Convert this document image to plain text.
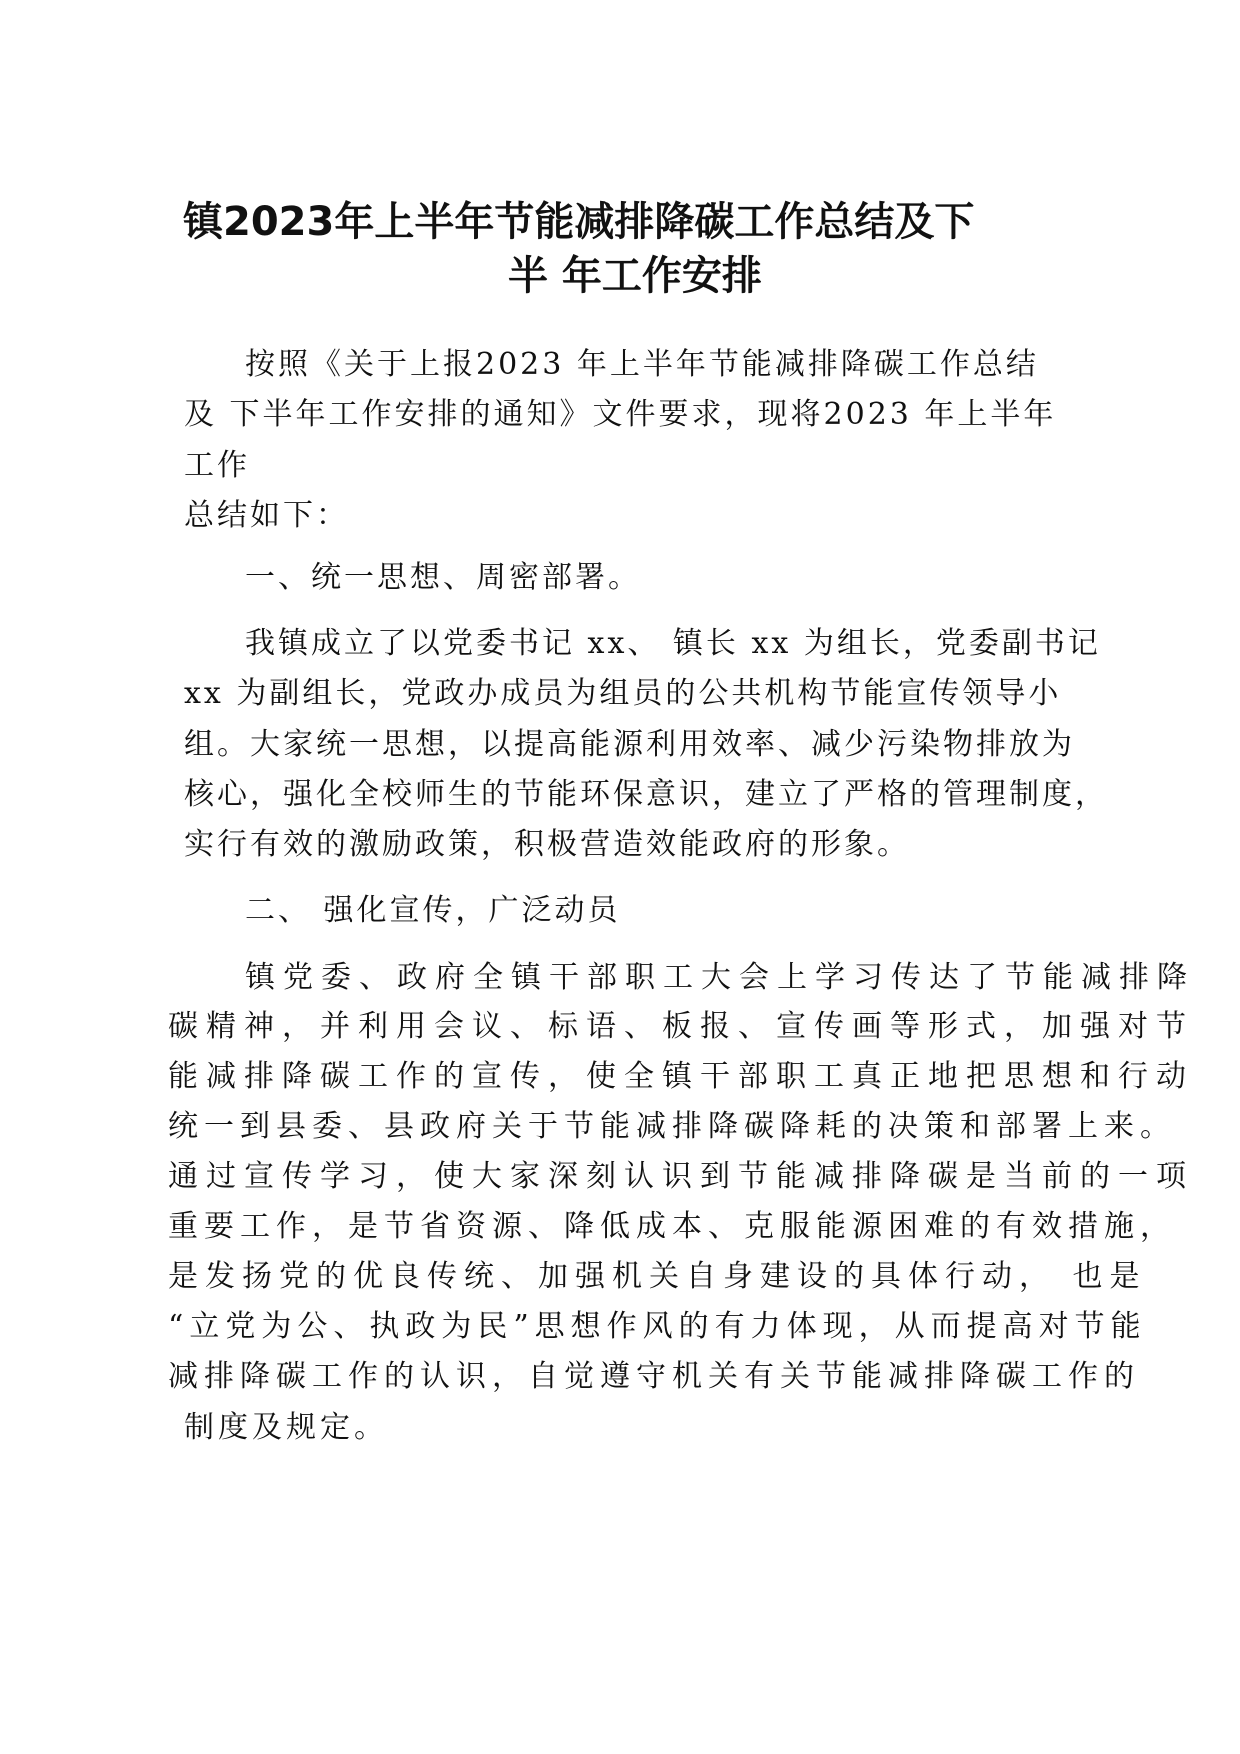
镇2023年上半年节能减排降碳工作总结及下
半 年工作安排
按照《关于上报2023 年上半年节能减排降碳工作总结
及 下半年工作安排的通知》文件要求，现将2023 年上半年
工作
总结如下：
一、统一思想、周密部署。
我镇成立了以党委书记 xx、 镇长 xx 为组长，党委副书记
xx 为副组长，党政办成员为组员的公共机构节能宣传领导小
组。大家统一思想，以提高能源利用效率、减少污染物排放为
核心，强化全校师生的节能环保意识，建立了严格的管理制度，
实行有效的激励政策，积极营造效能政府的形象。
二、 强化宣传，广泛动员
镇党委、政府全镇干部职工大会上学习传达了节能减排降
碳精神，并利用会议、标语、板报、宣传画等形式，加强对节
能减排降碳工作的宣传，使全镇干部职工真正地把思想和行动
统一到县委、县政府关于节能减排降碳降耗的决策和部署上来。
通过宣传学习，使大家深刻认识到节能减排降碳是当前的一项
重要工作，是节省资源、降低成本、克服能源困难的有效措施，
是发扬党的优良传统、加强机关自身建设的具体行动， 也是
“立党为公、执政为民”思想作风的有力体现，从而提高对节能
减排降碳工作的认识，自觉遵守机关有关节能减排降碳工作的
制度及规定。
